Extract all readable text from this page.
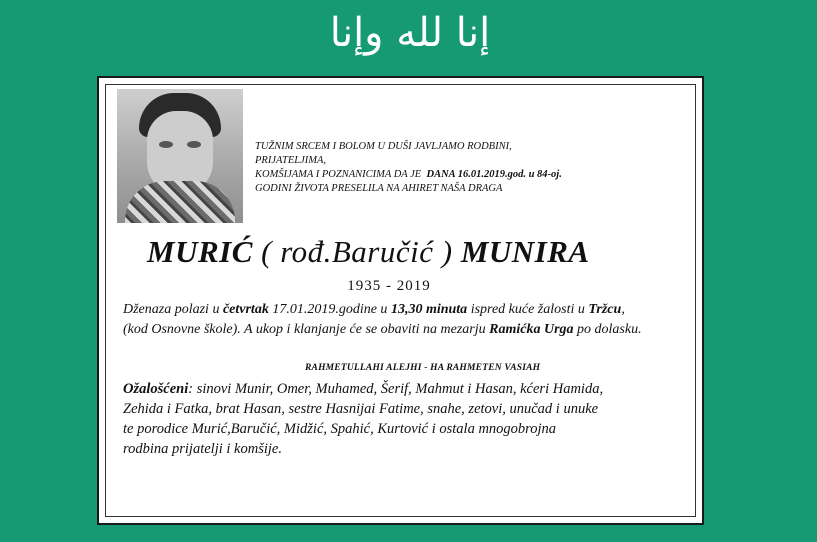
إنا لله وإنا
TUŽNIM SRCEM I BOLOM U DUŠI JAVLJAMO RODBINI, PRIJATELJIMA,
KOMŠIJAMA I POZNANICIMA DA JE DANA 16.01.2019.god. u 84-oj.
GODINI ŽIVOTA PRESELILA NA AHIRET NAŠA DRAGA
MURIĆ ( rođ.Baručić ) MUNIRA
1935 - 2019
Dženaza polazi u četvrtak 17.01.2019.godine u 13,30 minuta ispred kuće žalosti u Tržcu,
(kod Osnovne škole). A ukop i klanjanje će se obaviti na mezarju Ramićka Urga po dolasku.
RAHMETULLAHI ALEJHI - HA RAHMETEN VASIAH
Ožalošćeni: sinovi Munir, Omer, Muhamed, Šerif, Mahmut i Hasan, kćeri Hamida,
Zehida i Fatka, brat Hasan, sestre Hasnijai Fatime, snahe, zetovi, unučad i unuke
te porodice Murić,Baručić, Midžić, Spahić, Kurtović i ostala mnogobrojna
rodbina prijatelji i komšije.
